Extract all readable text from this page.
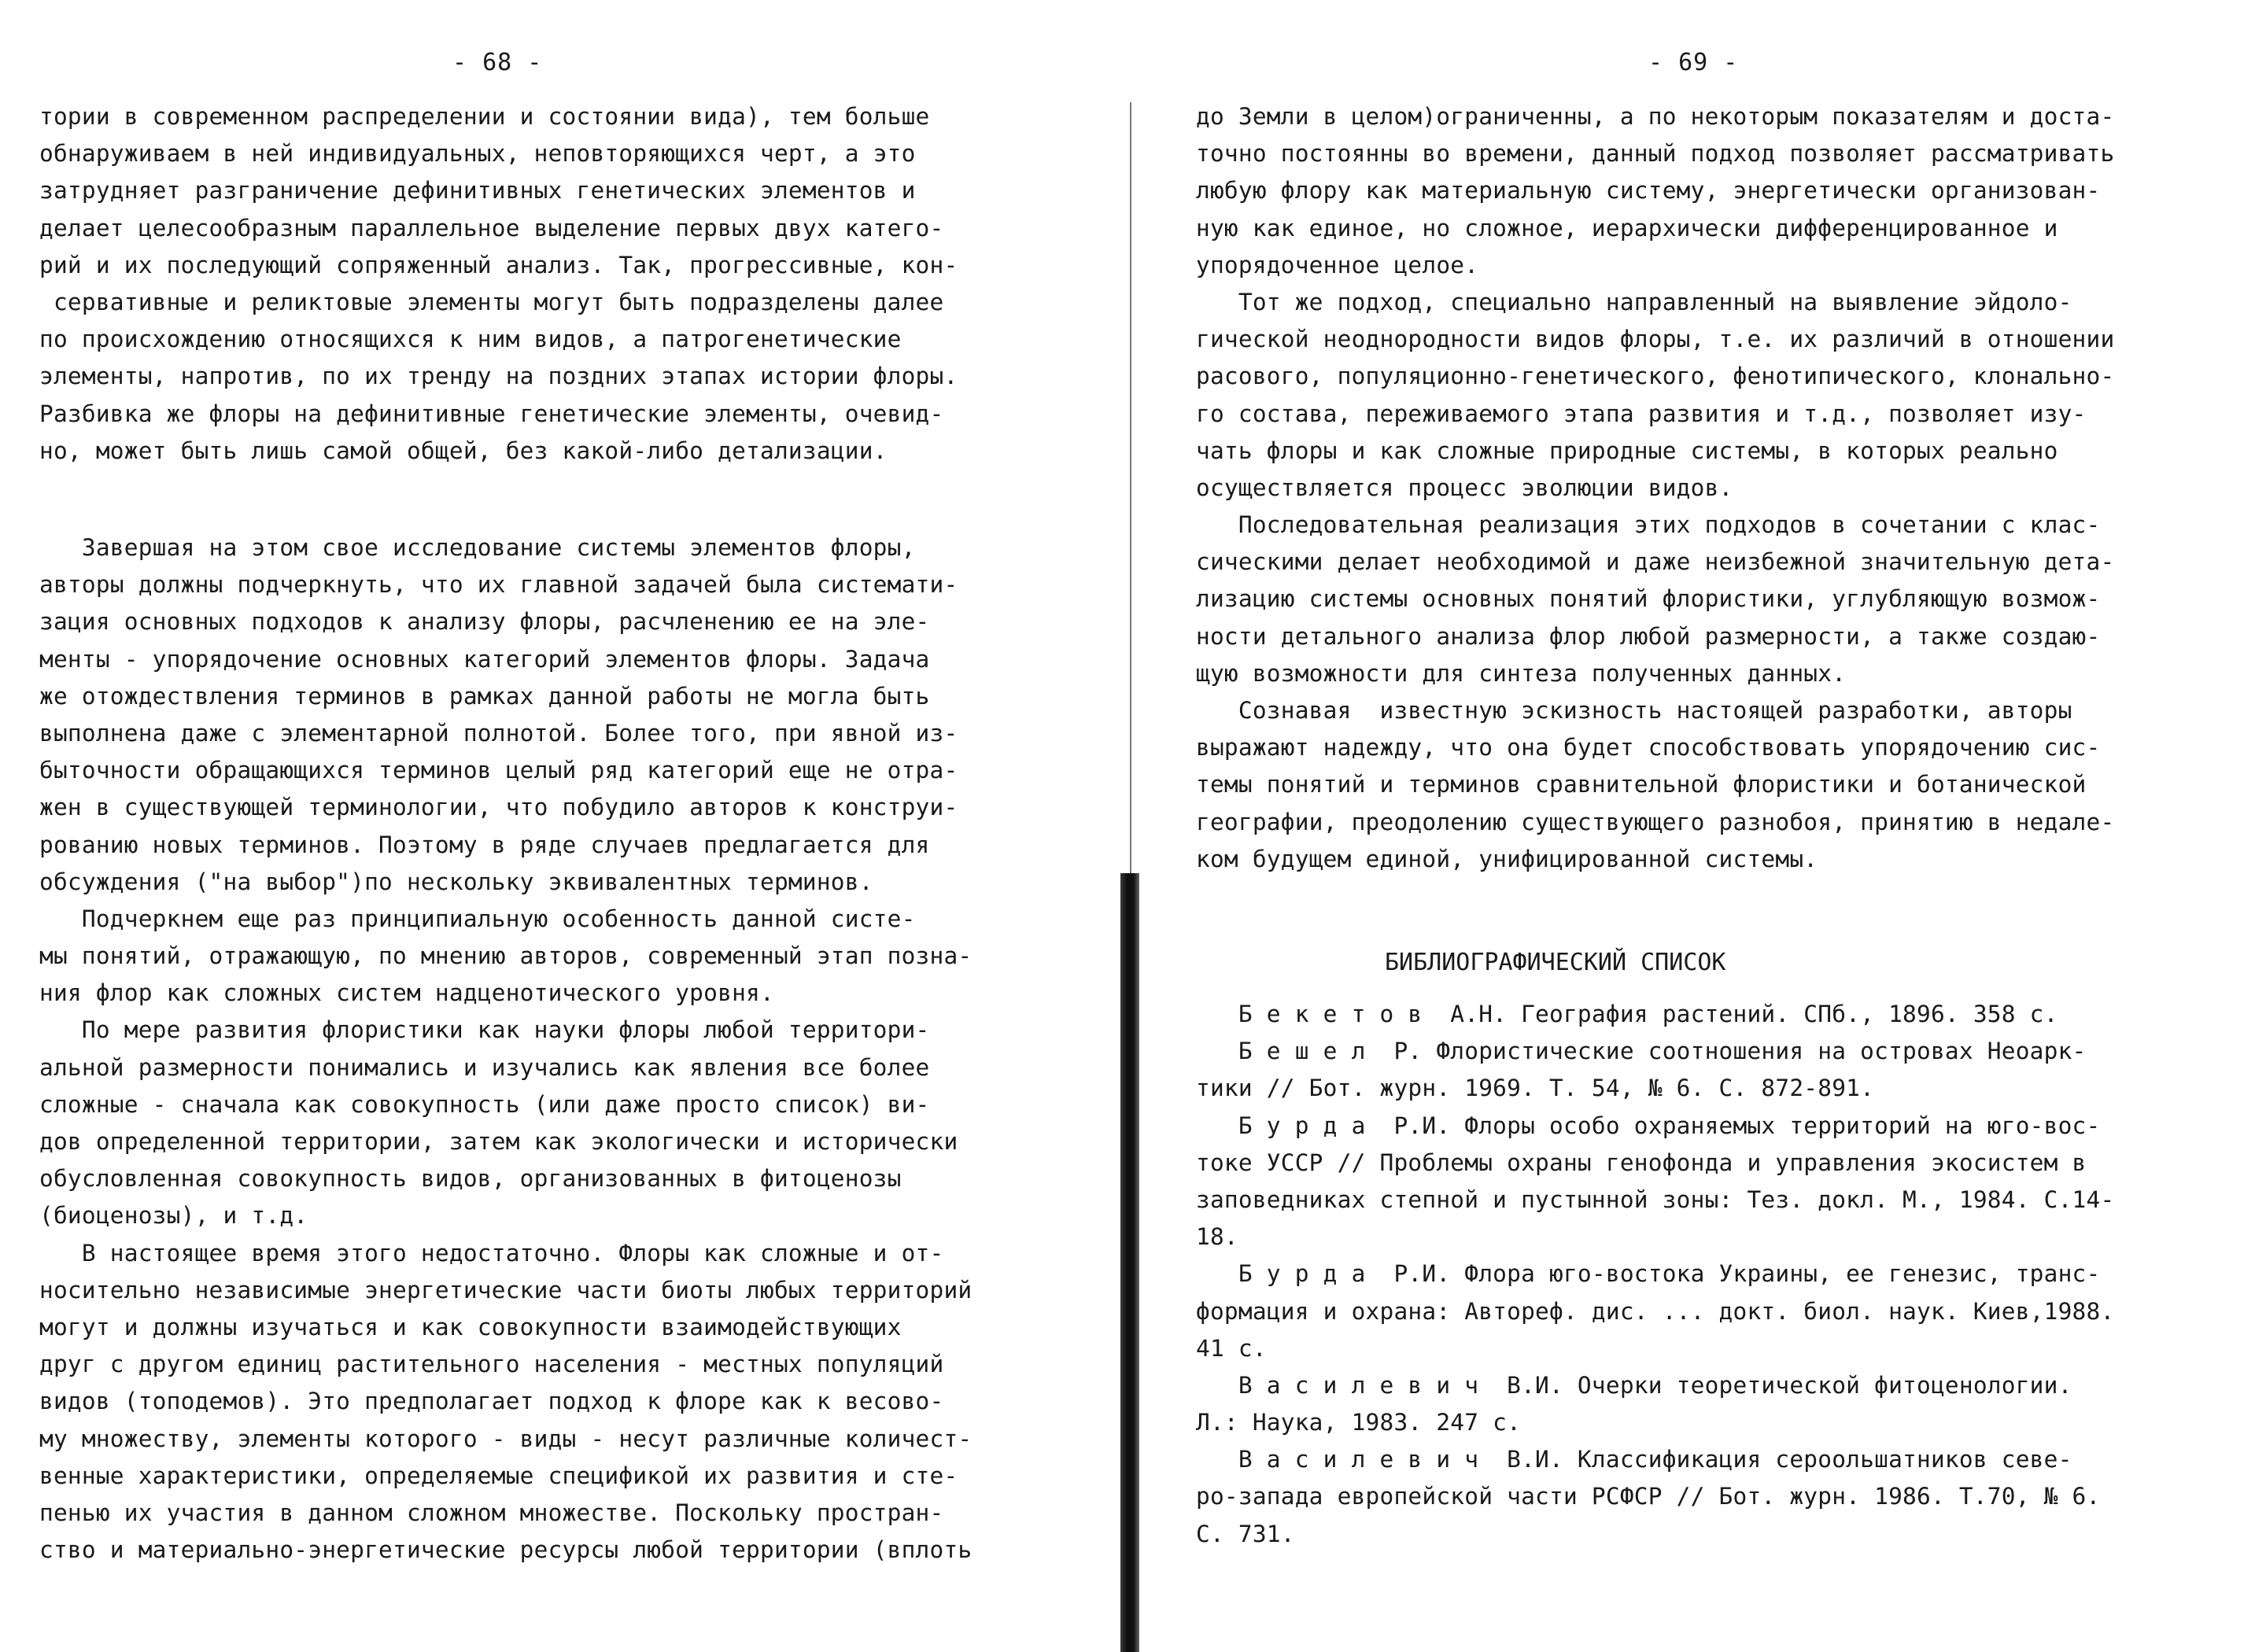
- 68 -
тории в современном распределении и состоянии вида), тем больше
обнаруживаем в ней индивидуальных, неповторяющихся черт, а это
затрудняет разграничение дефинитивных генетических элементов и
делает целесообразным параллельное выделение первых двух катего-
рий и их последующий сопряженный анализ. Так, прогрессивные, кон-
сервативные и реликтовые элементы могут быть подразделены далее
по происхождению относящихся к ним видов, а патрогенетические
элементы, напротив, по их тренду на поздних этапах истории флоры.
Разбивка же флоры на дефинитивные генетические элементы, очевид-
но, может быть лишь самой общей, без какой-либо детализации.
Завершая на этом свое исследование системы элементов флоры,
авторы должны подчеркнуть, что их главной задачей была системати-
зация основных подходов к анализу флоры, расчленению ее на эле-
менты - упорядочение основных категорий элементов флоры. Задача
же отождествления терминов в рамках данной работы не могла быть
выполнена даже с элементарной полнотой. Более того, при явной из-
быточности обращающихся терминов целый ряд категорий еще не отра-
жен в существующей терминологии, что побудило авторов к конструи-
рованию новых терминов. Поэтому в ряде случаев предлагается для
обсуждения ("на выбор")по нескольку эквивалентных терминов.
Подчеркнем еще раз принципиальную особенность данной систе-
мы понятий, отражающую, по мнению авторов, современный этап позна-
ния флор как сложных систем надценотического уровня.
По мере развития флористики как науки флоры любой территори-
альной размерности понимались и изучались как явления все более
сложные - сначала как совокупность (или даже просто список) ви-
дов определенной территории, затем как экологически и исторически
обусловленная совокупность видов, организованных в фитоценозы
(биоценозы), и т.д.
В настоящее время этого недостаточно. Флоры как сложные и от-
носительно независимые энергетические части биоты любых территорий
могут и должны изучаться и как совокупности взаимодействующих
друг с другом единиц растительного населения - местных популяций
видов (топодемов). Это предполагает подход к флоре как к весово-
му множеству, элементы которого - виды - несут различные количест-
венные характеристики, определяемые спецификой их развития и сте-
пенью их участия в данном сложном множестве. Поскольку простран-
ство и материально-энергетические ресурсы любой территории (вплоть
- 69 -
до Земли в целом)ограниченны, а по некоторым показателям и доста-
точно постоянны во времени, данный подход позволяет рассматривать
любую флору как материальную систему, энергетически организован-
ную как единое, но сложное, иерархически дифференцированное и
упорядоченное целое.
Тот же подход, специально направленный на выявление эйдоло-
гической неоднородности видов флоры, т.е. их различий в отношении
расового, популяционно-генетического, фенотипического, клонально-
го состава, переживаемого этапа развития и т.д., позволяет изу-
чать флоры и как сложные природные системы, в которых реально
осуществляется процесс эволюции видов.
Последовательная реализация этих подходов в сочетании с клас-
сическими делает необходимой и даже неизбежной значительную дета-
лизацию системы основных понятий флористики, углубляющую возмож-
ности детального анализа флор любой размерности, а также создаю-
щую возможности для синтеза полученных данных.
Сознавая  известную эскизность настоящей разработки, авторы
выражают надежду, что она будет способствовать упорядочению сис-
темы понятий и терминов сравнительной флористики и ботанической
географии, преодолению существующего разнобоя, принятию в недале-
ком будущем единой, унифицированной системы.
БИБЛИОГРАФИЧЕСКИЙ СПИСОК
Б е к е т о в  А.Н. География растений. СПб., 1896. 358 с.
Б е ш е л  Р. Флористические соотношения на островах Неоарк-
тики // Бот. журн. 1969. Т. 54, № 6. С. 872-891.
Б у р д а  Р.И. Флоры особо охраняемых территорий на юго-вос-
токе УССР // Проблемы охраны генофонда и управления экосистем в
заповедниках степной и пустынной зоны: Тез. докл. М., 1984. С.14-
18.
Б у р д а  Р.И. Флора юго-востока Украины, ее генезис, транс-
формация и охрана: Автореф. дис. ... докт. биол. наук. Киев,1988.
41 с.
В а с и л е в и ч  В.И. Очерки теоретической фитоценологии.
Л.: Наука, 1983. 247 с.
В а с и л е в и ч  В.И. Классификация сероольшатников севе-
ро-запада европейской части РСФСР // Бот. журн. 1986. Т.70, № 6.
С. 731.
